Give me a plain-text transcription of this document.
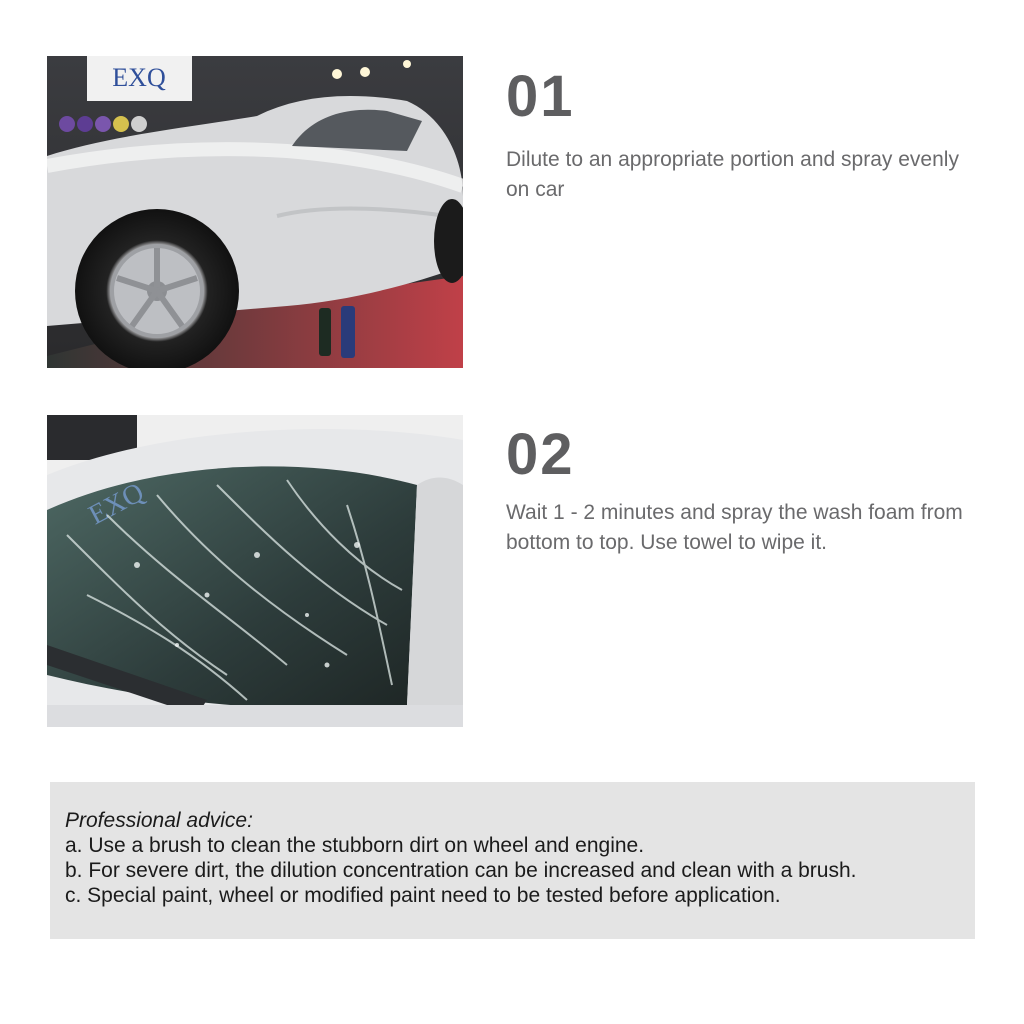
EXQ	01
Dilute to an appropriate portion and spray evenly on car
EXQ
02
Wait 1 - 2 minutes and spray the wash foam from bottom to top. Use towel to wipe it.
Professional advice:
a. Use a brush to clean the stubborn dirt on wheel and engine.
b. For severe dirt, the dilution concentration can be increased and clean with a brush.
c. Special paint, wheel or modified paint need to be tested before application.
